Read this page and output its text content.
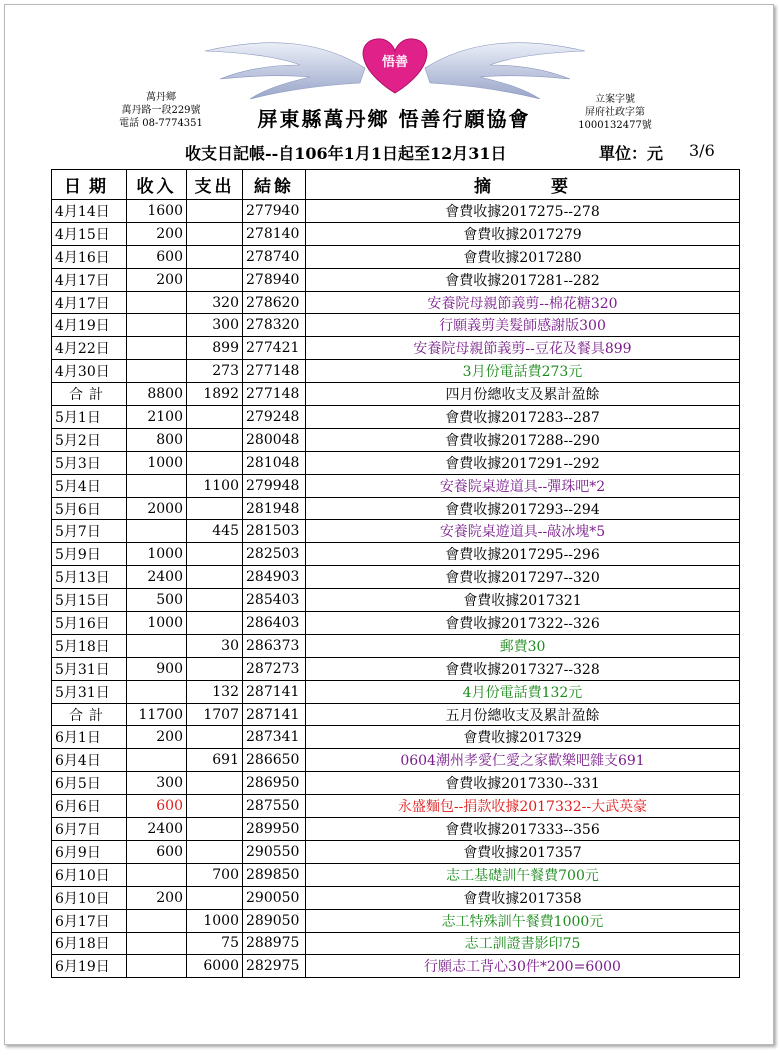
悟善
萬丹鄉
萬丹路一段229號
電話 08-7774351	屏東縣萬丹鄉 悟善行願協會
立案字號
屏府社政字第
1000132477號
收支日記帳--自106年1月1日起至12月31日	單位：元 3/6
日期	收入	支出	結餘	摘要
4月14日	1600		277940	會費收據2017275--278
4月15日	200		278140	會費收據2017279
4月16日	600		278740	會費收據2017280
4月17日	200		278940	會費收據2017281--282
4月17日		320	278620	安養院母親節義剪--棉花糖320
4月19日		300	278320	行願義剪美髮師感謝版300
4月22日		899	277421	安養院母親節義剪--豆花及餐具899
4月30日		273	277148	3月份電話費273元
合計	8800	1892	277148	四月份總收支及累計盈餘
5月1日	2100		279248	會費收據2017283--287
5月2日	800		280048	會費收據2017288--290
5月3日	1000		281048	會費收據2017291--292
5月4日		1100	279948	安養院桌遊道具--彈珠吧*2
5月6日	2000		281948	會費收據2017293--294
5月7日		445	281503	安養院桌遊道具--敲冰塊*5
5月9日	1000		282503	會費收據2017295--296
5月13日	2400		284903	會費收據2017297--320
5月15日	500		285403	會費收據2017321
5月16日	1000		286403	會費收據2017322--326
5月18日		30	286373	郵費30
5月31日	900		287273	會費收據2017327--328
5月31日		132	287141	4月份電話費132元
合計	11700	1707	287141	五月份總收支及累計盈餘
6月1日	200		287341	會費收據2017329
6月4日		691	286650	0604潮州孝愛仁愛之家歡樂吧雜支691
6月5日	300		286950	會費收據2017330--331
6月6日	600		287550	永盛麵包--捐款收據2017332--大武英豪
6月7日	2400		289950	會費收據2017333--356
6月9日	600		290550	會費收據2017357
6月10日		700	289850	志工基礎訓午餐費700元
6月10日	200		290050	會費收據2017358
6月17日		1000	289050	志工特殊訓午餐費1000元
6月18日		75	288975	志工訓證書影印75
6月19日		6000	282975	行願志工背心30件*200=6000
